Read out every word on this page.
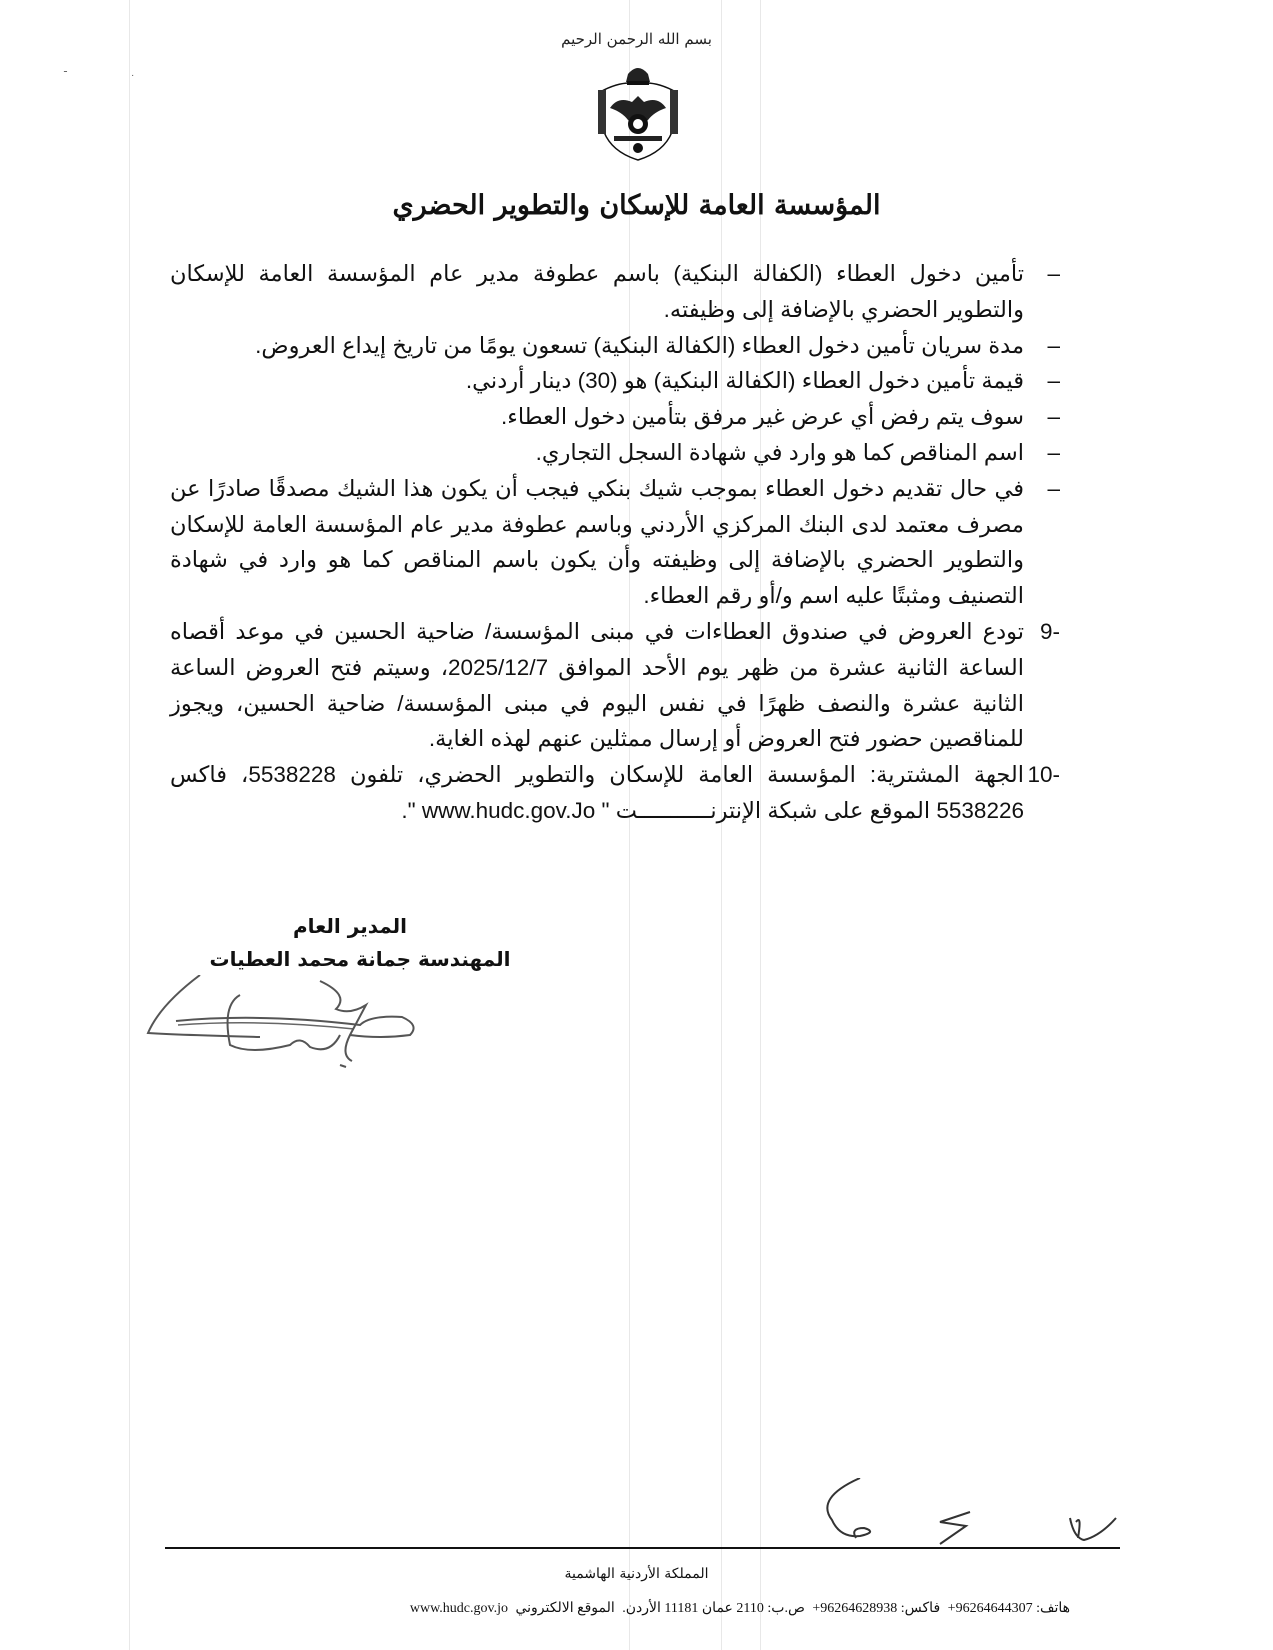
ـ
·
بسم الله الرحمن الرحيم
المؤسسة العامة للإسكان والتطوير الحضري
–
تأمين دخول العطاء (الكفالة البنكية) باسم عطوفة مدير عام المؤسسة العامة للإسكان والتطوير الحضري بالإضافة إلى وظيفته.
–
مدة سريان تأمين دخول العطاء (الكفالة البنكية) تسعون يومًا من تاريخ إيداع العروض.
–
قيمة تأمين دخول العطاء (الكفالة البنكية) هو (30) دينار أردني.
–
سوف يتم رفض أي عرض غير مرفق بتأمين دخول العطاء.
–
اسم المناقص كما هو وارد في شهادة السجل التجاري.
–
في حال تقديم دخول العطاء بموجب شيك بنكي فيجب أن يكون هذا الشيك مصدقًا صادرًا عن مصرف معتمد لدى البنك المركزي الأردني وباسم عطوفة مدير عام المؤسسة العامة للإسكان والتطوير الحضري بالإضافة إلى وظيفته وأن يكون باسم المناقص كما هو وارد في شهادة التصنيف ومثبتًا عليه اسم و/أو رقم العطاء.
-9
تودع العروض في صندوق العطاءات في مبنى المؤسسة/ ضاحية الحسين في موعد أقصاه الساعة الثانية عشرة من ظهر يوم الأحد الموافق 2025/12/7، وسيتم فتح العروض الساعة الثانية عشرة والنصف ظهرًا في نفس اليوم في مبنى المؤسسة/ ضاحية الحسين، ويجوز للمناقصين حضور فتح العروض أو إرسال ممثلين عنهم لهذه الغاية.
-10
الجهة المشترية: المؤسسة العامة للإسكان والتطوير الحضري، تلفون 5538228، فاكس 5538226 الموقع على شبكة الإنترنـــــــــــت " www.hudc.gov.Jo ".
المدير العام
المهندسة جمانة محمد العطيات
المملكة الأردنية الهاشمية
هاتف: 96264644307+ فاكس: 96264628938+ ص.ب: 2110 عمان 11181 الأردن. الموقع الالكتروني www.hudc.gov.jo
